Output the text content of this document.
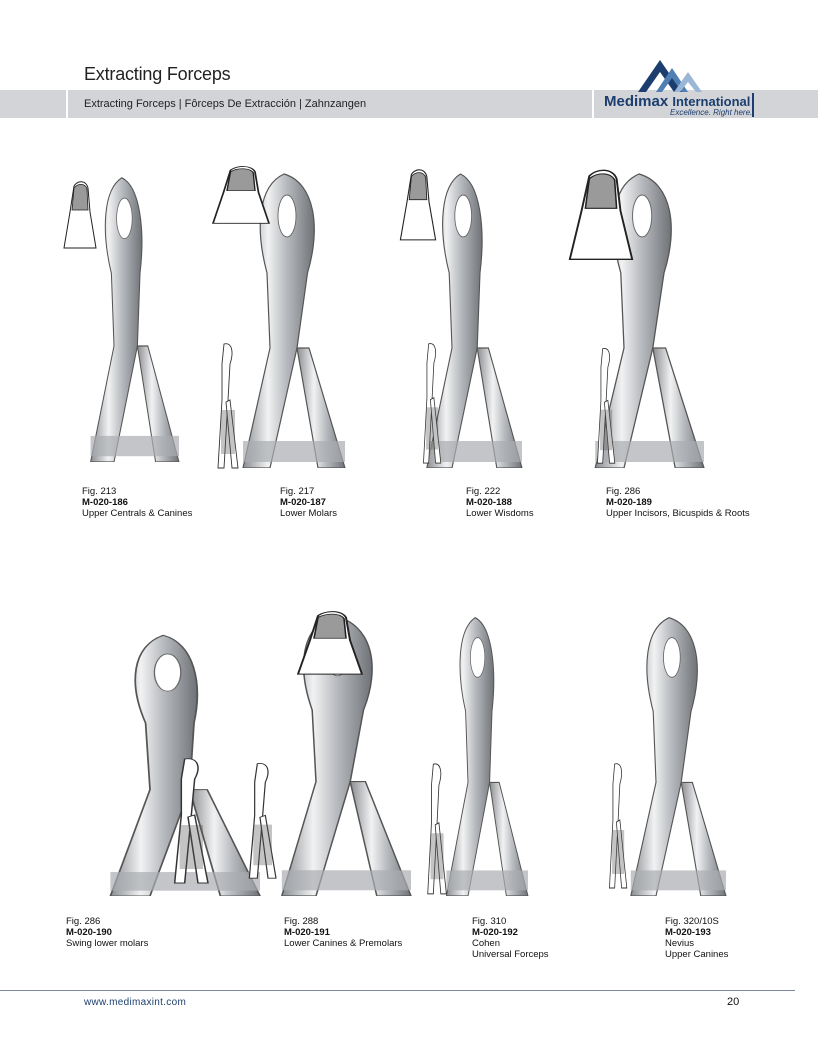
Extracting Forceps
Extracting Forceps | Fôrceps De Extracción | Zahnzangen	Medimax International
Excellence. Right here.
Fig. 213
M-020-186
Upper Centrals & Canines
Fig. 217
M-020-187
Lower Molars
Fig. 222
M-020-188
Lower Wisdoms
Fig. 286
M-020-189
Upper Incisors, Bicuspids & Roots
Fig. 286
M-020-190
Swing lower molars
Fig. 288
M-020-191
Lower Canines & Premolars
Fig. 310
M-020-192
Cohen
Universal Forceps
Fig. 320/10S
M-020-193
Nevius
Upper Canines
www.medimaxint.com	20
